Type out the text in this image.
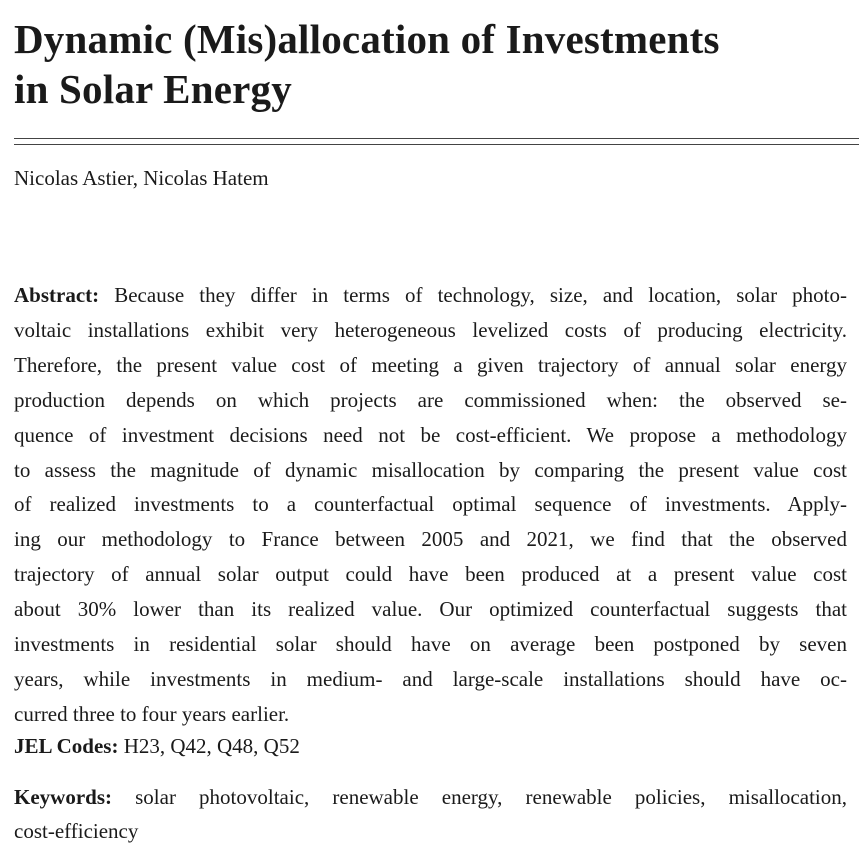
Dynamic (Mis)allocation of Investments
in Solar Energy
Nicolas Astier, Nicolas Hatem
Abstract: Because they differ in terms of technology, size, and location, solar photo-
voltaic installations exhibit very heterogeneous levelized costs of producing electricity.
Therefore, the present value cost of meeting a given trajectory of annual solar energy
production depends on which projects are commissioned when: the observed se-
quence of investment decisions need not be cost-efficient. We propose a methodology
to assess the magnitude of dynamic misallocation by comparing the present value cost
of realized investments to a counterfactual optimal sequence of investments. Apply-
ing our methodology to France between 2005 and 2021, we find that the observed
trajectory of annual solar output could have been produced at a present value cost
about 30% lower than its realized value. Our optimized counterfactual suggests that
investments in residential solar should have on average been postponed by seven
years, while investments in medium- and large-scale installations should have oc-
curred three to four years earlier.
JEL Codes: H23, Q42, Q48, Q52
Keywords: solar photovoltaic, renewable energy, renewable policies, misallocation,
cost-efficiency
